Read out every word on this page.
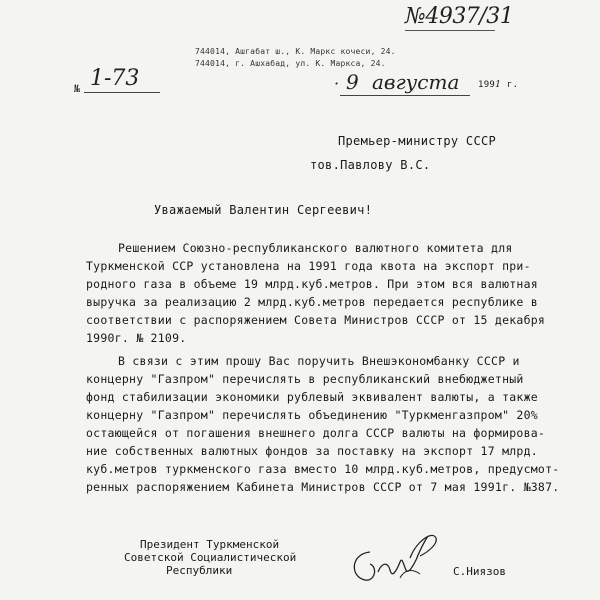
№4937/31
744014, Ашгабат ш., К. Маркс кочеси, 24.
744014, г. Ашхабад, ул. К. Маркса, 24.
№ 1-73	· 9 августа 1991 г.
Премьер-министру СССР
тов.Павлову В.С.
Уважаемый Валентин Сергеевич!
Решением Союзно-республиканского валютного комитета для
Туркменской ССР установлена на 1991 года квота на экспорт при-
родного газа в объеме 19 млрд.куб.метров. При этом вся валютная
выручка за реализацию 2 млрд.куб.метров передается республике в
соответствии с распоряжением Совета Министров СССР от 15 декабря
1990г. № 2109.
В связи с этим прошу Вас поручить Внешэкономбанку СССР и
концерну "Газпром" перечислять в республиканский внебюджетный
фонд стабилизации экономики рублевый эквивалент валюты, а также
концерну "Газпром" перечислять объединению "Туркменгазпром" 20%
остающейся от погашения внешнего долга СССР валюты на формирова-
ние собственных валютных фондов за поставку на экспорт 17 млрд.
куб.метров туркменского газа вместо 10 млрд.куб.метров, предусмот-
ренных распоряжением Кабинета Министров СССР от 7 мая 1991г. №387.
Президент Туркменской
Советской Социалистической
Республики	С.Ниязов
